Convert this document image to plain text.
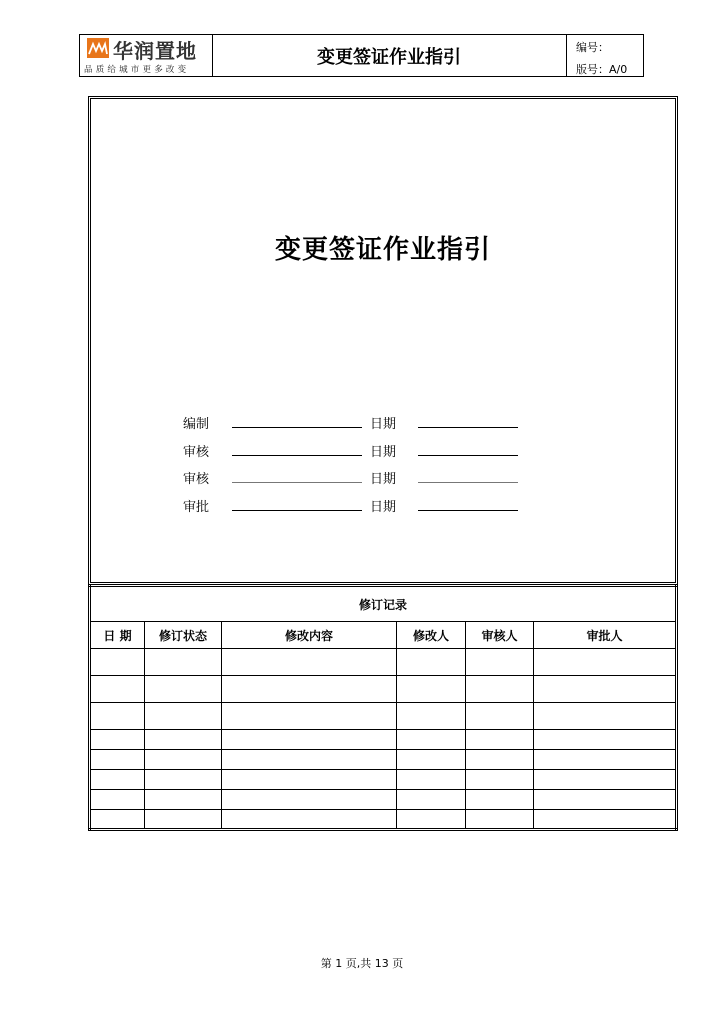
华润置地
品质给城市更多改变
变更签证作业指引	编号：
版号：A/0
变更签证作业指引
编制	日期
审核	日期
审核	日期
审批	日期
修订记录					
日 期	修订状态	修改内容	修改人	审核人	审批人

第 1 页,共 13 页
